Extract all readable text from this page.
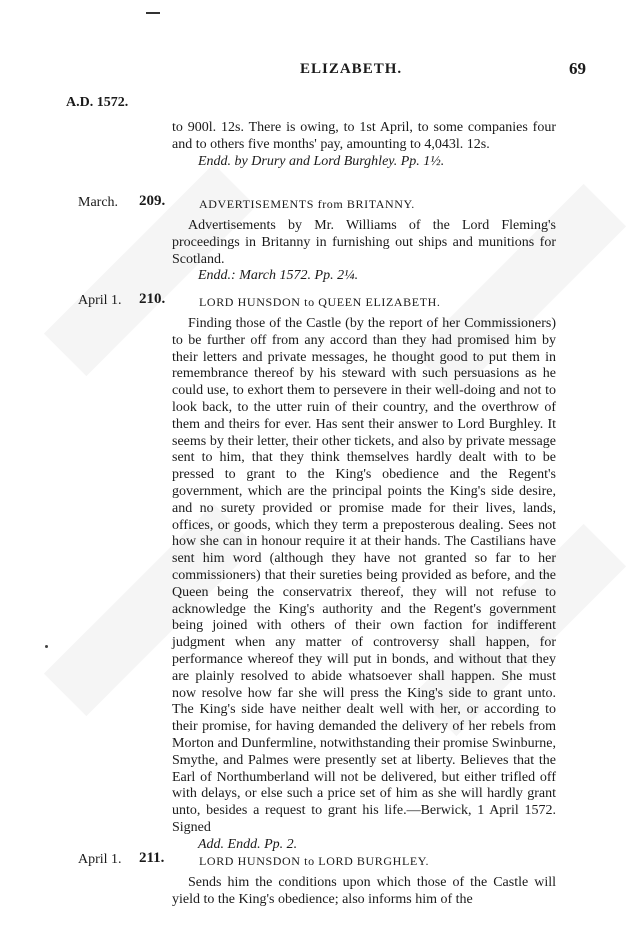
ELIZABETH.	69
A.D. 1572.

to 900l. 12s. There is owing, to 1st April, to some companies four and to others five months' pay, amounting to 4,043l. 12s.

Endd. by Drury and Lord Burghley. Pp. 1½.
March. 209.	ADVERTISEMENTS from BRITANNY.

Advertisements by Mr. Williams of the Lord Fleming's proceedings in Britanny in furnishing out ships and munitions for Scotland.

Endd.: March 1572. Pp. 2¼.
April 1. 210.	LORD HUNSDON to QUEEN ELIZABETH.

Finding those of the Castle (by the report of her Commissioners) to be further off from any accord than they had promised him by their letters and private messages, he thought good to put them in remembrance thereof by his steward with such persuasions as he could use, to exhort them to persevere in their well-doing and not to look back, to the utter ruin of their country, and the overthrow of them and theirs for ever. Has sent their answer to Lord Burghley. It seems by their letter, their other tickets, and also by private message sent to him, that they think themselves hardly dealt with to be pressed to grant to the King's obedience and the Regent's government, which are the principal points the King's side desire, and no surety provided or promise made for their lives, lands, offices, or goods, which they term a preposterous dealing. Sees not how she can in honour require it at their hands. The Castilians have sent him word (although they have not granted so far to her commissioners) that their sureties being provided as before, and the Queen being the conservatrix thereof, they will not refuse to acknowledge the King's authority and the Regent's government being joined with others of their own faction for indifferent judgment when any matter of controversy shall happen, for performance whereof they will put in bonds, and without that they are plainly resolved to abide whatsoever shall happen. She must now resolve how far she will press the King's side to grant unto. The King's side have neither dealt well with her, or according to their promise, for having demanded the delivery of her rebels from Morton and Dunfermline, notwithstanding their promise Swinburne, Smythe, and Palmes were presently set at liberty. Believes that the Earl of Northumberland will not be delivered, but either trifled off with delays, or else such a price set of him as she will hardly grant unto, besides a request to grant his life.—Berwick, 1 April 1572. Signed

Add. Endd. Pp. 2.
April 1. 211.	LORD HUNSDON to LORD BURGHLEY.

Sends him the conditions upon which those of the Castle will yield to the King's obedience; also informs him of the
